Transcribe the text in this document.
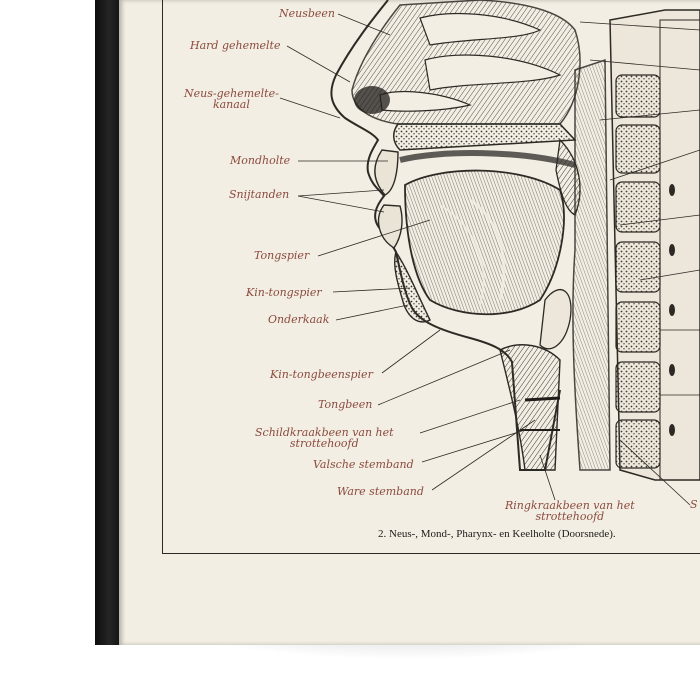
Neusbeen
Hard gehemelte
Neus-gehemelte-
kanaal
Mondholte
Snijtanden
Tongspier
Kin-tongspier
Onderkaak
Kin-tongbeenspier
Tongbeen
Schildkraakbeen van het
strottehoofd
Valsche stemband
Ware stemband
Ringkraakbeen van het
strottehoofd
S
2. Neus-, Mond-, Pharynx- en Keelholte (Doorsnede).
